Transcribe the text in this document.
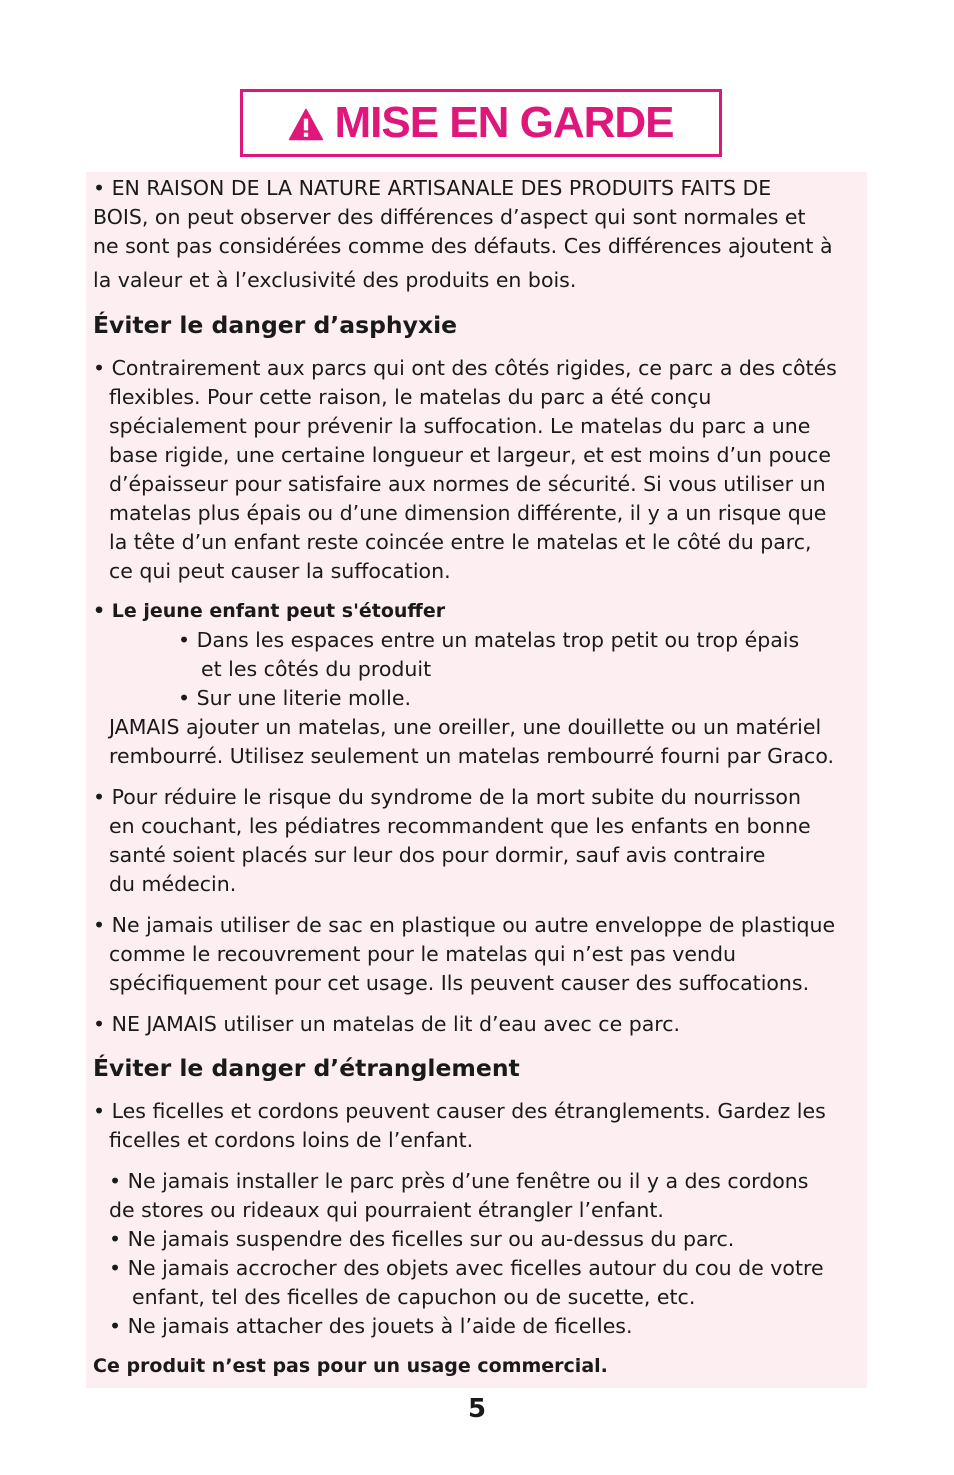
MISE EN GARDE
• EN RAISON DE LA NATURE ARTISANALE DES PRODUITS FAITS DE
BOIS, on peut observer des différences d’aspect qui sont normales et
ne sont pas considérées comme des défauts. Ces différences ajoutent à
la valeur et à l’exclusivité des produits en bois.
Éviter le danger d’asphyxie
• Contrairement aux parcs qui ont des côtés rigides, ce parc a des côtés
flexibles. Pour cette raison, le matelas du parc a été conçu
spécialement pour prévenir la suffocation. Le matelas du parc a une
base rigide, une certaine longueur et largeur, et est moins d’un pouce
d’épaisseur pour satisfaire aux normes de sécurité. Si vous utiliser un
matelas plus épais ou d’une dimension différente, il y a un risque que
la tête d’un enfant reste coincée entre le matelas et le côté du parc,
ce qui peut causer la suffocation.
• Le jeune enfant peut s'étouffer
• Dans les espaces entre un matelas trop petit ou trop épais
et les côtés du produit
• Sur une literie molle.
JAMAIS ajouter un matelas, une oreiller, une douillette ou un matériel
rembourré. Utilisez seulement un matelas rembourré fourni par Graco.
• Pour réduire le risque du syndrome de la mort subite du nourrisson
en couchant, les pédiatres recommandent que les enfants en bonne
santé soient placés sur leur dos pour dormir, sauf avis contraire
du médecin.
• Ne jamais utiliser de sac en plastique ou autre enveloppe de plastique
comme le recouvrement pour le matelas qui n’est pas vendu
spécifiquement pour cet usage. Ils peuvent causer des suffocations.
• NE JAMAIS utiliser un matelas de lit d’eau avec ce parc.
Éviter le danger d’étranglement
• Les ficelles et cordons peuvent causer des étranglements. Gardez les
ficelles et cordons loins de l’enfant.
• Ne jamais installer le parc près d’une fenêtre ou il y a des cordons
de stores ou rideaux qui pourraient étrangler l’enfant.
• Ne jamais suspendre des ficelles sur ou au-dessus du parc.
• Ne jamais accrocher des objets avec ficelles autour du cou de votre
enfant, tel des ficelles de capuchon ou de sucette, etc.
• Ne jamais attacher des jouets à l’aide de ficelles.
Ce produit n’est pas pour un usage commercial.
5
